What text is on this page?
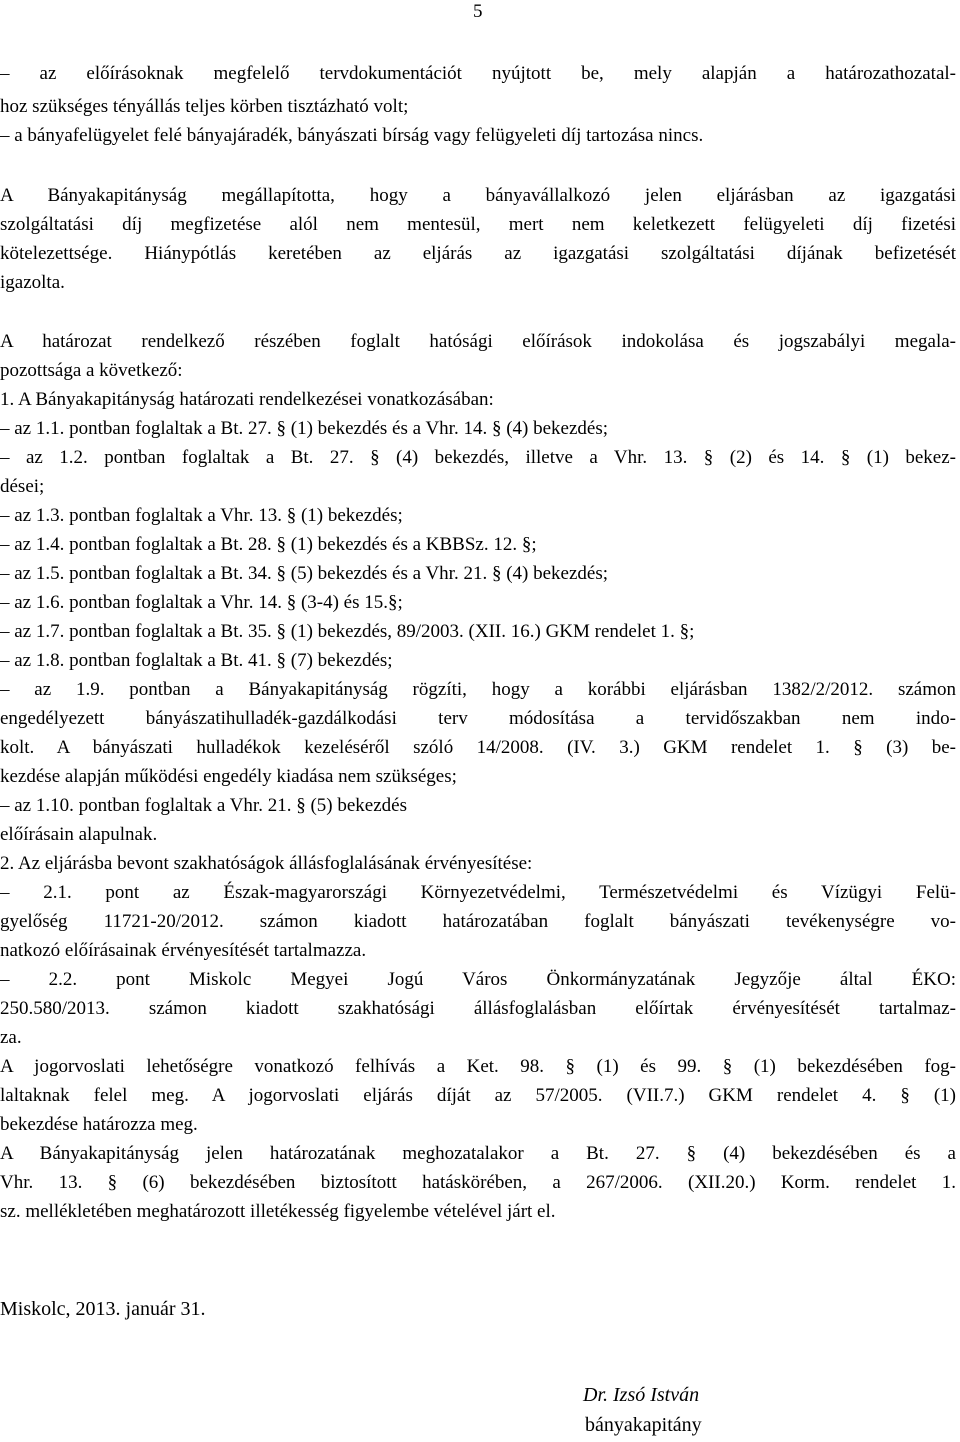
5
– az előírásoknak megfelelő tervdokumentációt nyújtott be, mely alapján a határozathozatal-
hoz szükséges tényállás teljes körben tisztázható volt;
– a bányafelügyelet felé bányajáradék, bányászati bírság vagy felügyeleti díj tartozása nincs.
A Bányakapitányság megállapította, hogy a bányavállalkozó jelen eljárásban az igazgatási
szolgáltatási díj megfizetése alól nem mentesül, mert nem keletkezett felügyeleti díj fizetési
kötelezettsége. Hiánypótlás keretében az eljárás az igazgatási szolgáltatási díjának befizetését
igazolta.
A határozat rendelkező részében foglalt hatósági előírások indokolása és jogszabályi megala-
pozottsága a következő:
1. A Bányakapitányság határozati rendelkezései vonatkozásában:
– az 1.1. pontban foglaltak a Bt. 27. § (1) bekezdés és a Vhr. 14. § (4) bekezdés;
– az 1.2. pontban foglaltak a Bt. 27. § (4) bekezdés, illetve a Vhr. 13. § (2) és 14. § (1) bekez-
dései;
– az 1.3. pontban foglaltak a Vhr. 13. § (1) bekezdés;
– az 1.4. pontban foglaltak a Bt. 28. § (1) bekezdés és a KBBSz. 12. §;
– az 1.5. pontban foglaltak a Bt. 34. § (5) bekezdés és a Vhr. 21. § (4) bekezdés;
– az 1.6. pontban foglaltak a Vhr. 14. § (3-4) és 15.§;
– az 1.7. pontban foglaltak a Bt. 35. § (1) bekezdés, 89/2003. (XII. 16.) GKM rendelet 1. §;
– az 1.8. pontban foglaltak a Bt. 41. § (7) bekezdés;
– az 1.9. pontban a Bányakapitányság rögzíti, hogy a korábbi eljárásban 1382/2/2012. számon
engedélyezett bányászatihulladék-gazdálkodási terv módosítása a tervidőszakban nem indo-
kolt. A bányászati hulladékok kezeléséről szóló 14/2008. (IV. 3.) GKM rendelet 1. § (3) be-
kezdése alapján működési engedély kiadása nem szükséges;
– az 1.10. pontban foglaltak a Vhr. 21. § (5) bekezdés
előírásain alapulnak.
2. Az eljárásba bevont szakhatóságok állásfoglalásának érvényesítése:
– 2.1. pont az Észak-magyarországi Környezetvédelmi, Természetvédelmi és Vízügyi Felü-
gyelőség 11721-20/2012. számon kiadott határozatában foglalt bányászati tevékenységre vo-
natkozó előírásainak érvényesítését tartalmazza.
– 2.2. pont Miskolc Megyei Jogú Város Önkormányzatának Jegyzője által ÉKO:
250.580/2013. számon kiadott szakhatósági állásfoglalásban előírtak érvényesítését tartalmaz-
za.
A jogorvoslati lehetőségre vonatkozó felhívás a Ket. 98. § (1) és 99. § (1) bekezdésében fog-
laltaknak felel meg. A jogorvoslati eljárás díját az 57/2005. (VII.7.) GKM rendelet 4. § (1)
bekezdése határozza meg.
A Bányakapitányság jelen határozatának meghozatalakor a Bt. 27. § (4) bekezdésében és a
Vhr. 13. § (6) bekezdésében biztosított hatáskörében, a 267/2006. (XII.20.) Korm. rendelet 1.
sz. mellékletében meghatározott illetékesség figyelembe vételével járt el.
Miskolc, 2013. január 31.
Dr. Izsó István
bányakapitány
